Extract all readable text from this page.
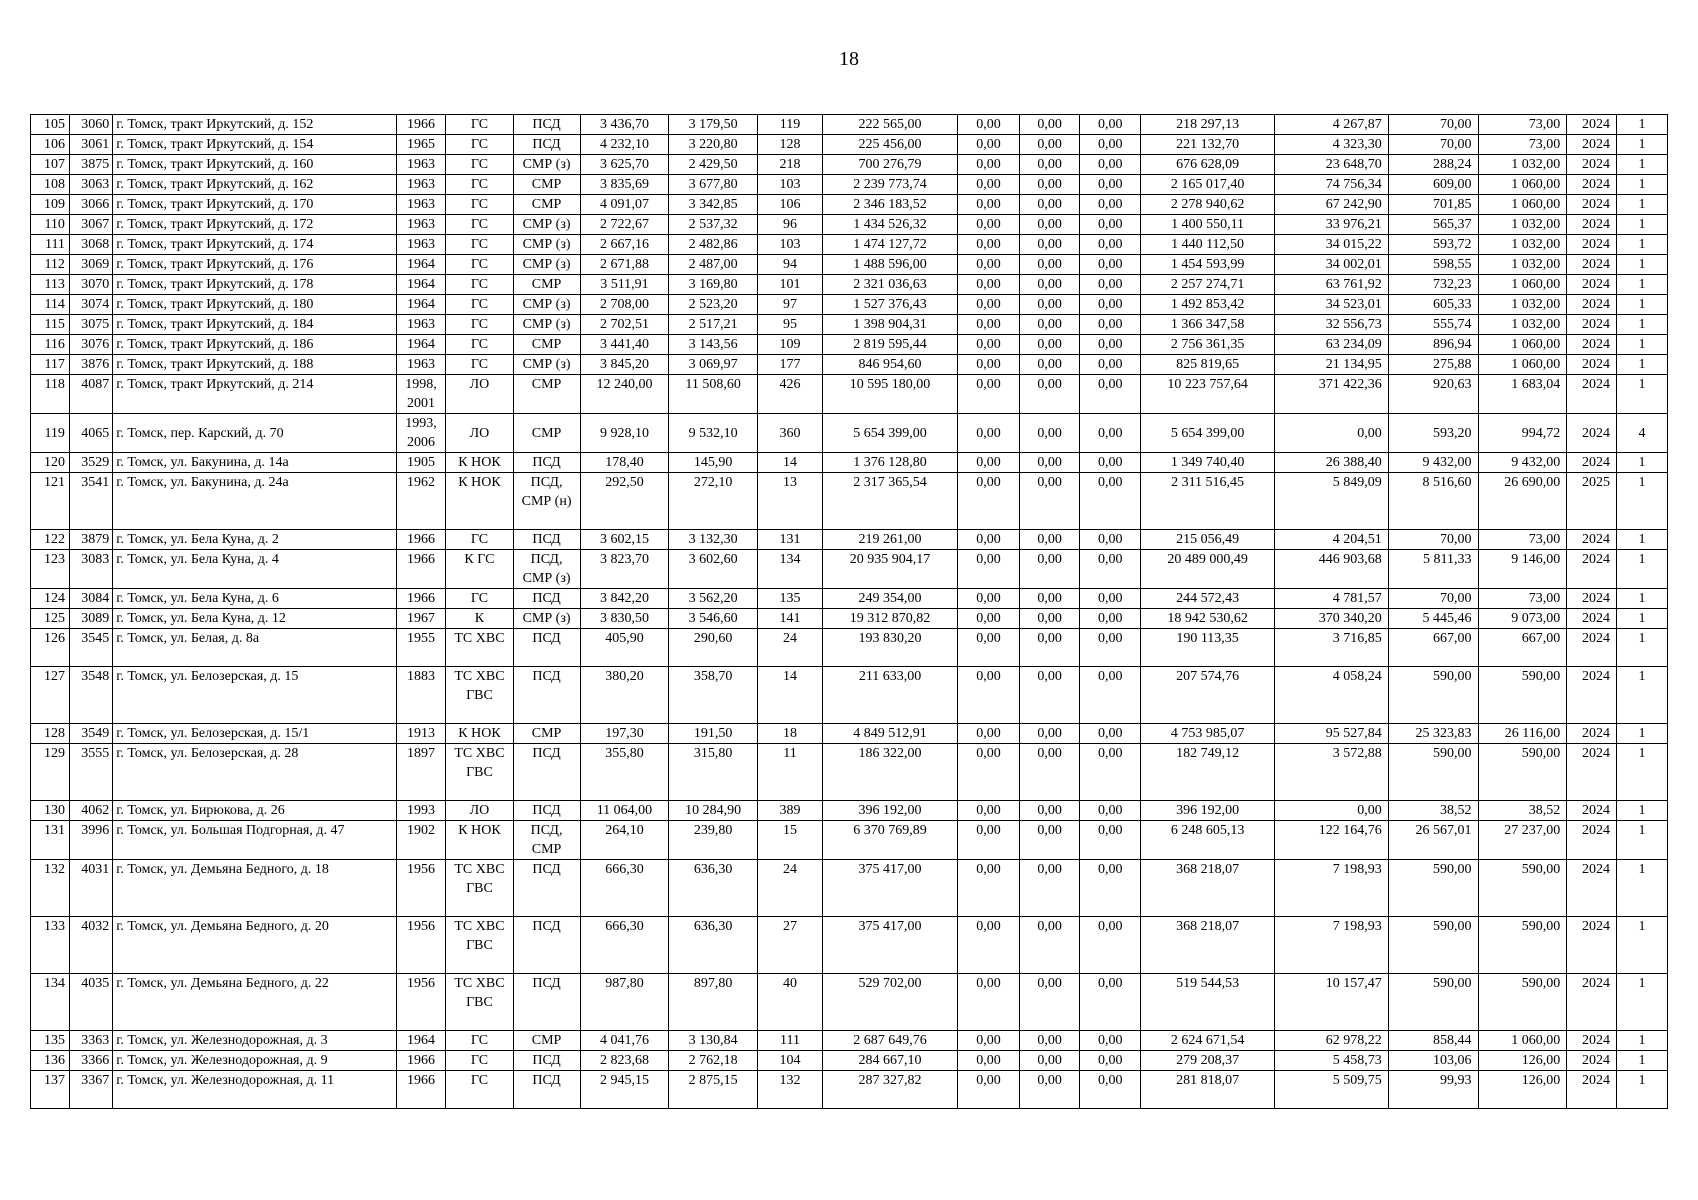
18
105	3060	г. Томск, тракт Иркутский, д. 152	1966	ГС	ПСД	3 436,70	3 179,50	119	222 565,00	0,00	0,00	0,00	218 297,13	4 267,87	70,00	73,00	2024	1
106	3061	г. Томск, тракт Иркутский, д. 154	1965	ГС	ПСД	4 232,10	3 220,80	128	225 456,00	0,00	0,00	0,00	221 132,70	4 323,30	70,00	73,00	2024	1
107	3875	г. Томск, тракт Иркутский, д. 160	1963	ГС	СМР (з)	3 625,70	2 429,50	218	700 276,79	0,00	0,00	0,00	676 628,09	23 648,70	288,24	1 032,00	2024	1
108	3063	г. Томск, тракт Иркутский, д. 162	1963	ГС	СМР	3 835,69	3 677,80	103	2 239 773,74	0,00	0,00	0,00	2 165 017,40	74 756,34	609,00	1 060,00	2024	1
109	3066	г. Томск, тракт Иркутский, д. 170	1963	ГС	СМР	4 091,07	3 342,85	106	2 346 183,52	0,00	0,00	0,00	2 278 940,62	67 242,90	701,85	1 060,00	2024	1
110	3067	г. Томск, тракт Иркутский, д. 172	1963	ГС	СМР (з)	2 722,67	2 537,32	96	1 434 526,32	0,00	0,00	0,00	1 400 550,11	33 976,21	565,37	1 032,00	2024	1
111	3068	г. Томск, тракт Иркутский, д. 174	1963	ГС	СМР (з)	2 667,16	2 482,86	103	1 474 127,72	0,00	0,00	0,00	1 440 112,50	34 015,22	593,72	1 032,00	2024	1
112	3069	г. Томск, тракт Иркутский, д. 176	1964	ГС	СМР (з)	2 671,88	2 487,00	94	1 488 596,00	0,00	0,00	0,00	1 454 593,99	34 002,01	598,55	1 032,00	2024	1
113	3070	г. Томск, тракт Иркутский, д. 178	1964	ГС	СМР	3 511,91	3 169,80	101	2 321 036,63	0,00	0,00	0,00	2 257 274,71	63 761,92	732,23	1 060,00	2024	1
114	3074	г. Томск, тракт Иркутский, д. 180	1964	ГС	СМР (з)	2 708,00	2 523,20	97	1 527 376,43	0,00	0,00	0,00	1 492 853,42	34 523,01	605,33	1 032,00	2024	1
115	3075	г. Томск, тракт Иркутский, д. 184	1963	ГС	СМР (з)	2 702,51	2 517,21	95	1 398 904,31	0,00	0,00	0,00	1 366 347,58	32 556,73	555,74	1 032,00	2024	1
116	3076	г. Томск, тракт Иркутский, д. 186	1964	ГС	СМР	3 441,40	3 143,56	109	2 819 595,44	0,00	0,00	0,00	2 756 361,35	63 234,09	896,94	1 060,00	2024	1
117	3876	г. Томск, тракт Иркутский, д. 188	1963	ГС	СМР (з)	3 845,20	3 069,97	177	846 954,60	0,00	0,00	0,00	825 819,65	21 134,95	275,88	1 060,00	2024	1
118	4087	г. Томск, тракт Иркутский, д. 214	1998, 2001	ЛО	СМР	12 240,00	11 508,60	426	10 595 180,00	0,00	0,00	0,00	10 223 757,64	371 422,36	920,63	1 683,04	2024	1
119	4065	г. Томск, пер. Карский, д. 70	1993, 2006	ЛО	СМР	9 928,10	9 532,10	360	5 654 399,00	0,00	0,00	0,00	5 654 399,00	0,00	593,20	994,72	2024	4
120	3529	г. Томск, ул. Бакунина, д. 14а	1905	К НОК	ПСД	178,40	145,90	14	1 376 128,80	0,00	0,00	0,00	1 349 740,40	26 388,40	9 432,00	9 432,00	2024	1
121	3541	г. Томск, ул. Бакунина, д. 24а	1962	К НОК	ПСД, СМР (н)	292,50	272,10	13	2 317 365,54	0,00	0,00	0,00	2 311 516,45	5 849,09	8 516,60	26 690,00	2025	1
122	3879	г. Томск, ул. Бела Куна, д. 2	1966	ГС	ПСД	3 602,15	3 132,30	131	219 261,00	0,00	0,00	0,00	215 056,49	4 204,51	70,00	73,00	2024	1
123	3083	г. Томск, ул. Бела Куна, д. 4	1966	К ГС	ПСД, СМР (з)	3 823,70	3 602,60	134	20 935 904,17	0,00	0,00	0,00	20 489 000,49	446 903,68	5 811,33	9 146,00	2024	1
124	3084	г. Томск, ул. Бела Куна, д. 6	1966	ГС	ПСД	3 842,20	3 562,20	135	249 354,00	0,00	0,00	0,00	244 572,43	4 781,57	70,00	73,00	2024	1
125	3089	г. Томск, ул. Бела Куна, д. 12	1967	К	СМР (з)	3 830,50	3 546,60	141	19 312 870,82	0,00	0,00	0,00	18 942 530,62	370 340,20	5 445,46	9 073,00	2024	1
126	3545	г. Томск, ул. Белая, д. 8а	1955	ТС ХВС	ПСД	405,90	290,60	24	193 830,20	0,00	0,00	0,00	190 113,35	3 716,85	667,00	667,00	2024	1
127	3548	г. Томск, ул. Белозерская, д. 15	1883	ТС ХВС ГВС	ПСД	380,20	358,70	14	211 633,00	0,00	0,00	0,00	207 574,76	4 058,24	590,00	590,00	2024	1
128	3549	г. Томск, ул. Белозерская, д. 15/1	1913	К НОК	СМР	197,30	191,50	18	4 849 512,91	0,00	0,00	0,00	4 753 985,07	95 527,84	25 323,83	26 116,00	2024	1
129	3555	г. Томск, ул. Белозерская, д. 28	1897	ТС ХВС ГВС	ПСД	355,80	315,80	11	186 322,00	0,00	0,00	0,00	182 749,12	3 572,88	590,00	590,00	2024	1
130	4062	г. Томск, ул. Бирюкова, д. 26	1993	ЛО	ПСД	11 064,00	10 284,90	389	396 192,00	0,00	0,00	0,00	396 192,00	0,00	38,52	38,52	2024	1
131	3996	г. Томск, ул. Большая Подгорная, д. 47	1902	К НОК	ПСД, СМР	264,10	239,80	15	6 370 769,89	0,00	0,00	0,00	6 248 605,13	122 164,76	26 567,01	27 237,00	2024	1
132	4031	г. Томск, ул. Демьяна Бедного, д. 18	1956	ТС ХВС ГВС	ПСД	666,30	636,30	24	375 417,00	0,00	0,00	0,00	368 218,07	7 198,93	590,00	590,00	2024	1
133	4032	г. Томск, ул. Демьяна Бедного, д. 20	1956	ТС ХВС ГВС	ПСД	666,30	636,30	27	375 417,00	0,00	0,00	0,00	368 218,07	7 198,93	590,00	590,00	2024	1
134	4035	г. Томск, ул. Демьяна Бедного, д. 22	1956	ТС ХВС ГВС	ПСД	987,80	897,80	40	529 702,00	0,00	0,00	0,00	519 544,53	10 157,47	590,00	590,00	2024	1
135	3363	г. Томск, ул. Железнодорожная, д. 3	1964	ГС	СМР	4 041,76	3 130,84	111	2 687 649,76	0,00	0,00	0,00	2 624 671,54	62 978,22	858,44	1 060,00	2024	1
136	3366	г. Томск, ул. Железнодорожная, д. 9	1966	ГС	ПСД	2 823,68	2 762,18	104	284 667,10	0,00	0,00	0,00	279 208,37	5 458,73	103,06	126,00	2024	1
137	3367	г. Томск, ул. Железнодорожная, д. 11	1966	ГС	ПСД	2 945,15	2 875,15	132	287 327,82	0,00	0,00	0,00	281 818,07	5 509,75	99,93	126,00	2024	1
